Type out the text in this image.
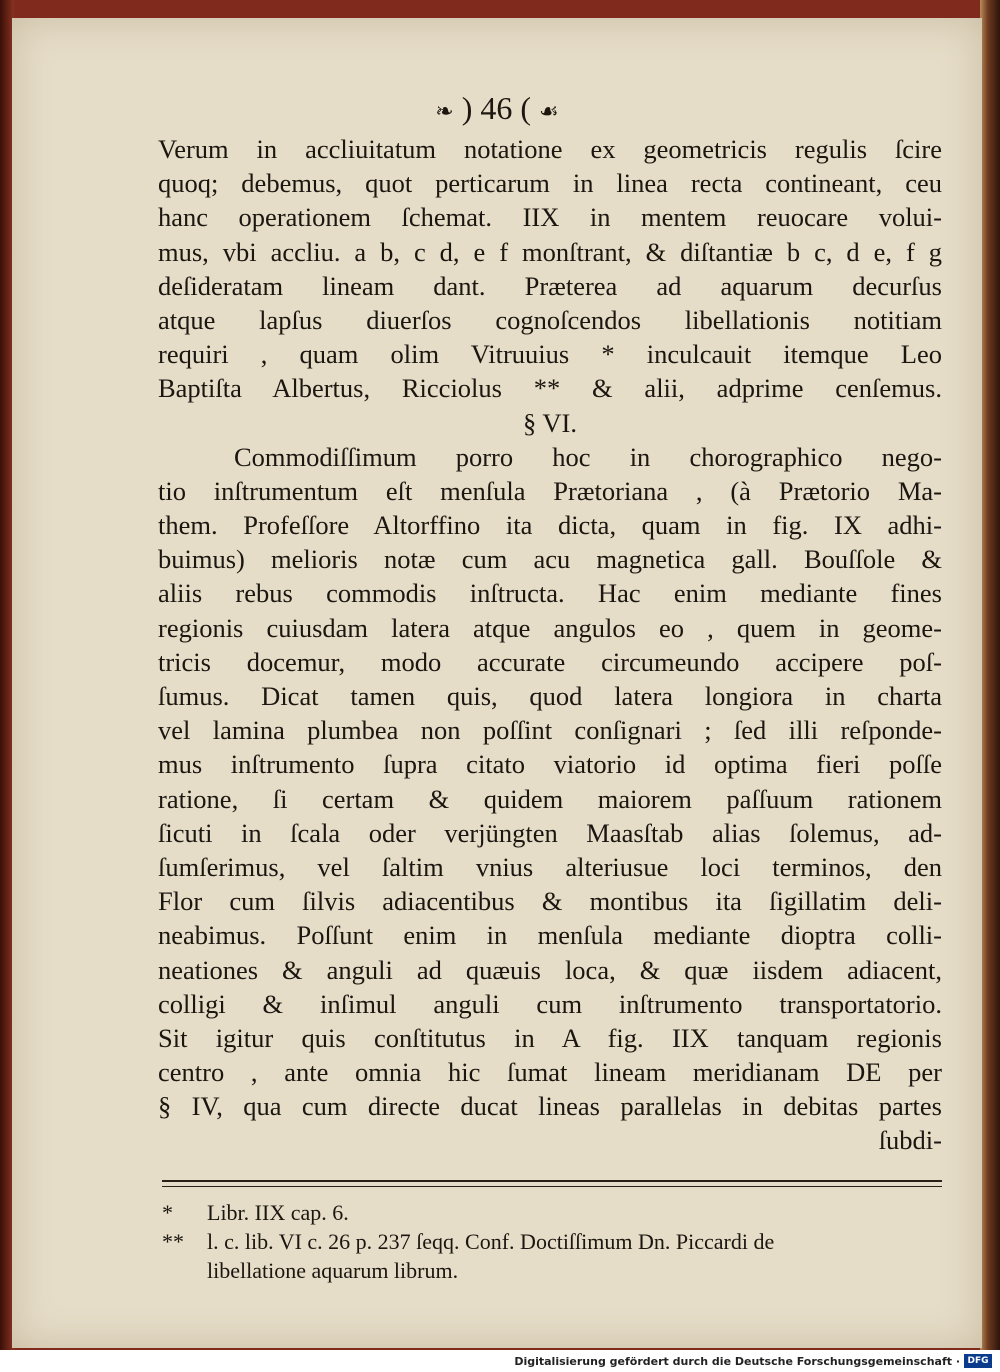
❧ ) 46 ( ☙
Verum in accliuitatum notatione ex geometricis regulis ſcire
quoq; debemus, quot perticarum in linea recta contineant, ceu
hanc operationem ſchemat. IIX in mentem reuocare volui-
mus, vbi accliu. a b, c d, e f monſtrant, & diſtantiæ b c, d e, f g
deſideratam lineam dant. Præterea ad aquarum decurſus
atque lapſus diuerſos cognoſcendos libellationis notitiam
requiri , quam olim Vitruuius * inculcauit itemque Leo
Baptiſta Albertus, Ricciolus ** & alii, adprime cenſemus.
§ VI.
Commodiſſimum porro hoc in chorographico nego-
tio inſtrumentum eſt menſula Prætoriana , (à Prætorio Ma-
them. Profeſſore Altorffino ita dicta, quam in fig. IX adhi-
buimus) melioris notæ cum acu magnetica gall. Bouſſole &
aliis rebus commodis inſtructa. Hac enim mediante fines
regionis cuiusdam latera atque angulos eo , quem in geome-
tricis docemur, modo accurate circumeundo accipere poſ-
ſumus. Dicat tamen quis, quod latera longiora in charta
vel lamina plumbea non poſſint conſignari ; ſed illi reſponde-
mus inſtrumento ſupra citato viatorio id optima fieri poſſe
ratione, ſi certam & quidem maiorem paſſuum rationem
ſicuti in ſcala oder verjüngten Maasſtab alias ſolemus, ad-
ſumſerimus, vel ſaltim vnius alteriusue loci terminos, den
Flor cum ſilvis adiacentibus & montibus ita ſigillatim deli-
neabimus. Poſſunt enim in menſula mediante dioptra colli-
neationes & anguli ad quæuis loca, & quæ iisdem adiacent,
colligi & inſimul anguli cum inſtrumento transportatorio.
Sit igitur quis conſtitutus in A fig. IIX tanquam regionis
centro , ante omnia hic ſumat lineam meridianam DE per
§ IV, qua cum directe ducat lineas parallelas in debitas partes
ſubdi-
* Libr. IIX cap. 6.
** l. c. lib. VI c. 26 p. 237 ſeqq. Conf. Doctiſſimum Dn. Piccardi de
libellatione aquarum librum.
Digitalisierung gefördert durch die Deutsche Forschungsgemeinschaft · DFG
